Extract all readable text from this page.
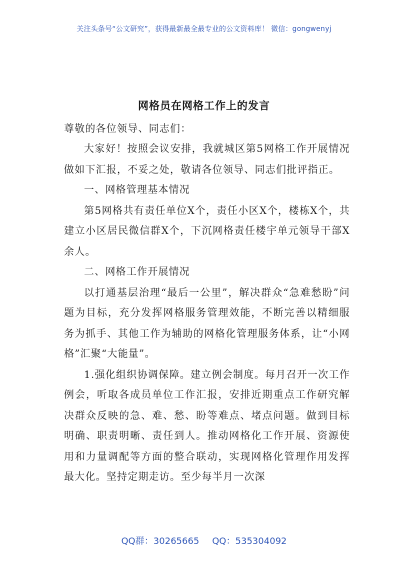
关注头条号“公文研究”，获得最新最全最专业的公文资料库！ 微信：gongwenyj
网格员在网格工作上的发言
尊敬的各位领导、同志们：

大家好！按照会议安排，我就城区第5网格工作开展情况做如下汇报，不妥之处，敬请各位领导、同志们批评指正。

一、网格管理基本情况

第5网格共有责任单位X个，责任小区X个，楼栋X个，共建立小区居民微信群X个，下沉网格责任楼宇单元领导干部X余人。

二、网格工作开展情况

以打通基层治理“最后一公里”，解决群众“急难愁盼”问题为目标，充分发挥网格服务管理效能，不断完善以精细服务为抓手、其他工作为辅助的网格化管理服务体系，让“小网格”汇聚“大能量”。

1.强化组织协调保障。建立例会制度。每月召开一次工作例会，听取各成员单位工作汇报，安排近期重点工作研究解决群众反映的急、难、愁、盼等难点、堵点问题。做到目标明确、职责明晰、责任到人。推动网格化工作开展、资源使用和力量调配等方面的整合联动，实现网格化管理作用发挥最大化。坚持定期走访。至少每半月一次深

QQ群：30265665 QQ：535304092
